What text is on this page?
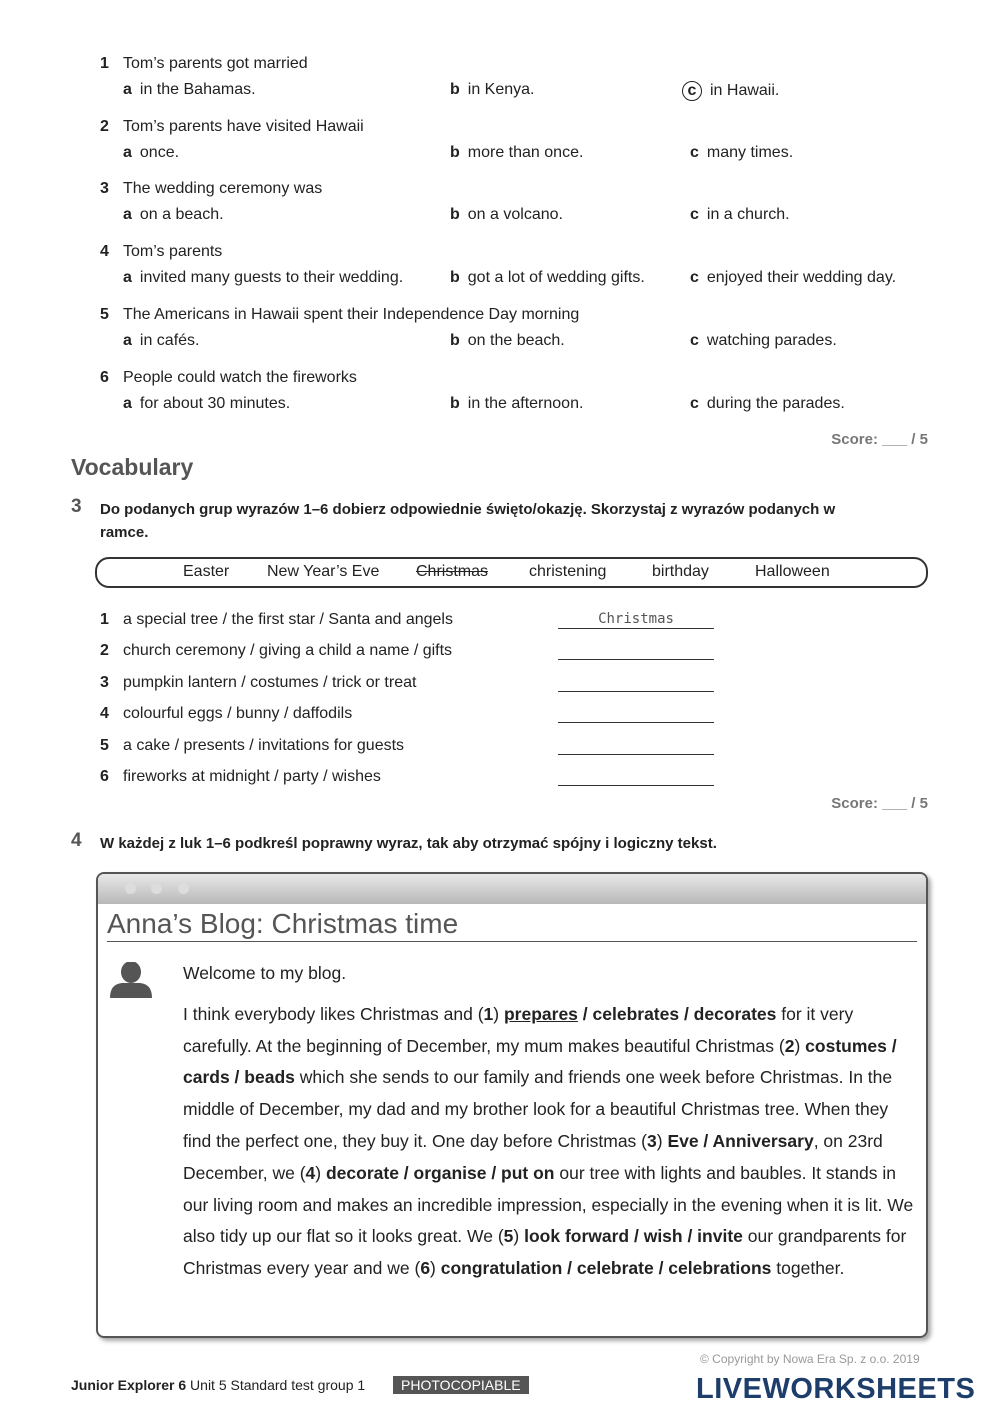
1 Tom’s parents got married
a in the Bahamas.	b in Kenya.	c in Hawaii.
2 Tom’s parents have visited Hawaii
a once.	b more than once.	c many times.
3 The wedding ceremony was
a on a beach.	b on a volcano.	c in a church.
4 Tom’s parents
a invited many guests to their wedding.	b got a lot of wedding gifts.	c enjoyed their wedding day.
5 The Americans in Hawaii spent their Independence Day morning
a in cafés.	b on the beach.	c watching parades.
6 People could watch the fireworks
a for about 30 minutes.	b in the afternoon.	c during the parades.
Score: ___ / 5
Vocabulary
3 Do podanych grup wyrazów 1–6 dobierz odpowiednie święto/okazję. Skorzystaj z wyrazów podanych w ramce.
Easter New Year’s Eve Christmas	christening	birthday	Halloween
1 a special tree / the first star / Santa and angels	Christmas
2 church ceremony / giving a child a name / gifts
3 pumpkin lantern / costumes / trick or treat
4 colourful eggs / bunny / daffodils
5 a cake / presents / invitations for guests
6 fireworks at midnight / party / wishes
Score: ___ / 5
4 W każdej z luk 1–6 podkreśl poprawny wyraz, tak aby otrzymać spójny i logiczny tekst.
Anna’s Blog: Christmas time

Welcome to my blog.

I think everybody likes Christmas and (1) prepares / celebrates / decorates for it very carefully. At the beginning of December, my mum makes beautiful Christmas (2) costumes / cards / beads which she sends to our family and friends one week before Christmas. In the middle of December, my dad and my brother look for a beautiful Christmas tree. When they find the perfect one, they buy it. One day before Christmas (3) Eve / Anniversary, on 23rd December, we (4) decorate / organise / put on our tree with lights and baubles. It stands in our living room and makes an incredible impression, especially in the evening when it is lit. We also tidy up our flat so it looks great. We (5) look forward / wish / invite our grandparents for Christmas every year and we (6) congratulation / celebrate / celebrations together.

Junior Explorer 6 Unit 5 Standard test group 1	PHOTOCOPIABLE
© Copyright by Nowa Era Sp. z o.o. 2019
LIVEWORKSHEETS
